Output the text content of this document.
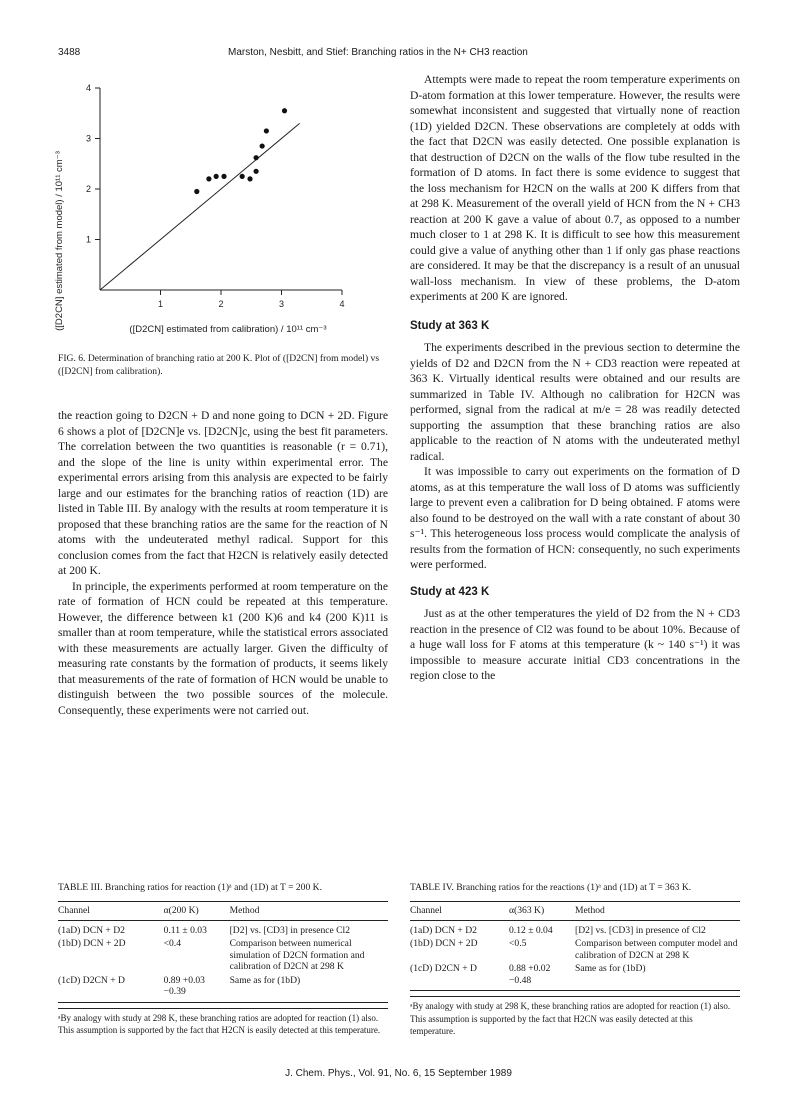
3488	Marston, Nesbitt, and Stief: Branching ratios in the N+ CH3 reaction
1	2	3	4
1
2
3
4
([D2CN] estimated from model) / 10¹¹ cm⁻³	([D2CN] estimated from calibration) / 10¹¹ cm⁻³
FIG. 6. Determination of branching ratio at 200 K. Plot of ([D2CN] from model) vs ([D2CN] from calibration).

the reaction going to D2CN + D and none going to DCN + 2D. Figure 6 shows a plot of [D2CN]e vs. [D2CN]c, using the best fit parameters. The correlation between the two quantities is reasonable (r = 0.71), and the slope of the line is unity within experimental error. The experimental errors arising from this analysis are expected to be fairly large and our estimates for the branching ratios of reaction (1D) are listed in Table III. By analogy with the results at room temperature it is proposed that these branching ratios are the same for the reaction of N atoms with the undeuterated methyl radical. Support for this conclusion comes from the fact that H2CN is relatively easily detected at 200 K.

In principle, the experiments performed at room temperature on the rate of formation of HCN could be repeated at this temperature. However, the difference between k1 (200 K)6 and k4 (200 K)11 is smaller than at room temperature, while the statistical errors associated with these measurements are actually larger. Given the difficulty of measuring rate constants by the formation of products, it seems likely that measurements of the rate of formation of HCN would be unable to distinguish between the two possible sources of the molecule. Consequently, these experiments were not carried out.

Attempts were made to repeat the room temperature experiments on D-atom formation at this lower temperature. However, the results were somewhat inconsistent and suggested that virtually none of reaction (1D) yielded D2CN. These observations are completely at odds with the fact that D2CN was easily detected. One possible explanation is that destruction of D2CN on the walls of the flow tube resulted in the formation of D atoms. In fact there is some evidence to suggest that the loss mechanism for H2CN on the walls at 200 K differs from that at 298 K. Measurement of the overall yield of HCN from the N + CH3 reaction at 200 K gave a value of about 0.7, as opposed to a number much closer to 1 at 298 K. It is difficult to see how this measurement could give a value of anything other than 1 if only gas phase reactions are considered. It may be that the discrepancy is a result of an unusual wall-loss mechanism. In view of these problems, the D-atom experiments at 200 K are ignored.

Study at 363 K

The experiments described in the previous section to determine the yields of D2 and D2CN from the N + CD3 reaction were repeated at 363 K. Virtually identical results were obtained and our results are summarized in Table IV. Although no calibration for H2CN was performed, signal from the radical at m/e = 28 was readily detected supporting the assumption that these branching ratios are also applicable to the reaction of N atoms with the undeuterated methyl radical.

It was impossible to carry out experiments on the formation of D atoms, as at this temperature the wall loss of D atoms was sufficiently large to prevent even a calibration for D being obtained. F atoms were also found to be destroyed on the wall with a rate constant of about 30 s⁻¹. This heterogeneous loss process would complicate the analysis of results from the formation of HCN: consequently, no such experiments were performed.

Study at 423 K

Just as at the other temperatures the yield of D2 from the N + CD3 reaction in the presence of Cl2 was found to be about 10%. Because of a huge wall loss for F atoms at this temperature (k ~ 140 s⁻¹) it was impossible to measure accurate initial CD3 concentrations in the region close to the

TABLE III. Branching ratios for reaction (1)ᵃ and (1D) at T = 200 K.
Channel	α(200 K)	Method
(1aD) DCN + D2	0.11 ± 0.03	[D2] vs. [CD3] in presence Cl2
(1bD) DCN + 2D	<0.4	Comparison between numerical simulation of D2CN formation and calibration of D2CN at 298 K
(1cD) D2CN + D	0.89 +0.03 −0.39	Same as for (1bD)
ᵃBy analogy with study at 298 K, these branching ratios are adopted for reaction (1) also. This assumption is supported by the fact that H2CN is easily detected at this temperature.
TABLE IV. Branching ratios for the reactions (1)ᵃ and (1D) at T = 363 K.
Channel	α(363 K)	Method
(1aD) DCN + D2	0.12 ± 0.04	[D2] vs. [CD3] in presence of Cl2
(1bD) DCN + 2D	<0.5	Comparison between computer model and calibration of D2CN at 298 K
(1cD) D2CN + D	0.88 +0.02 −0.48	Same as for (1bD)
ᵃBy analogy with study at 298 K, these branching ratios are adopted for reaction (1) also. This assumption is supported by the fact that H2CN was easily detected at this temperature.
J. Chem. Phys., Vol. 91, No. 6, 15 September 1989
